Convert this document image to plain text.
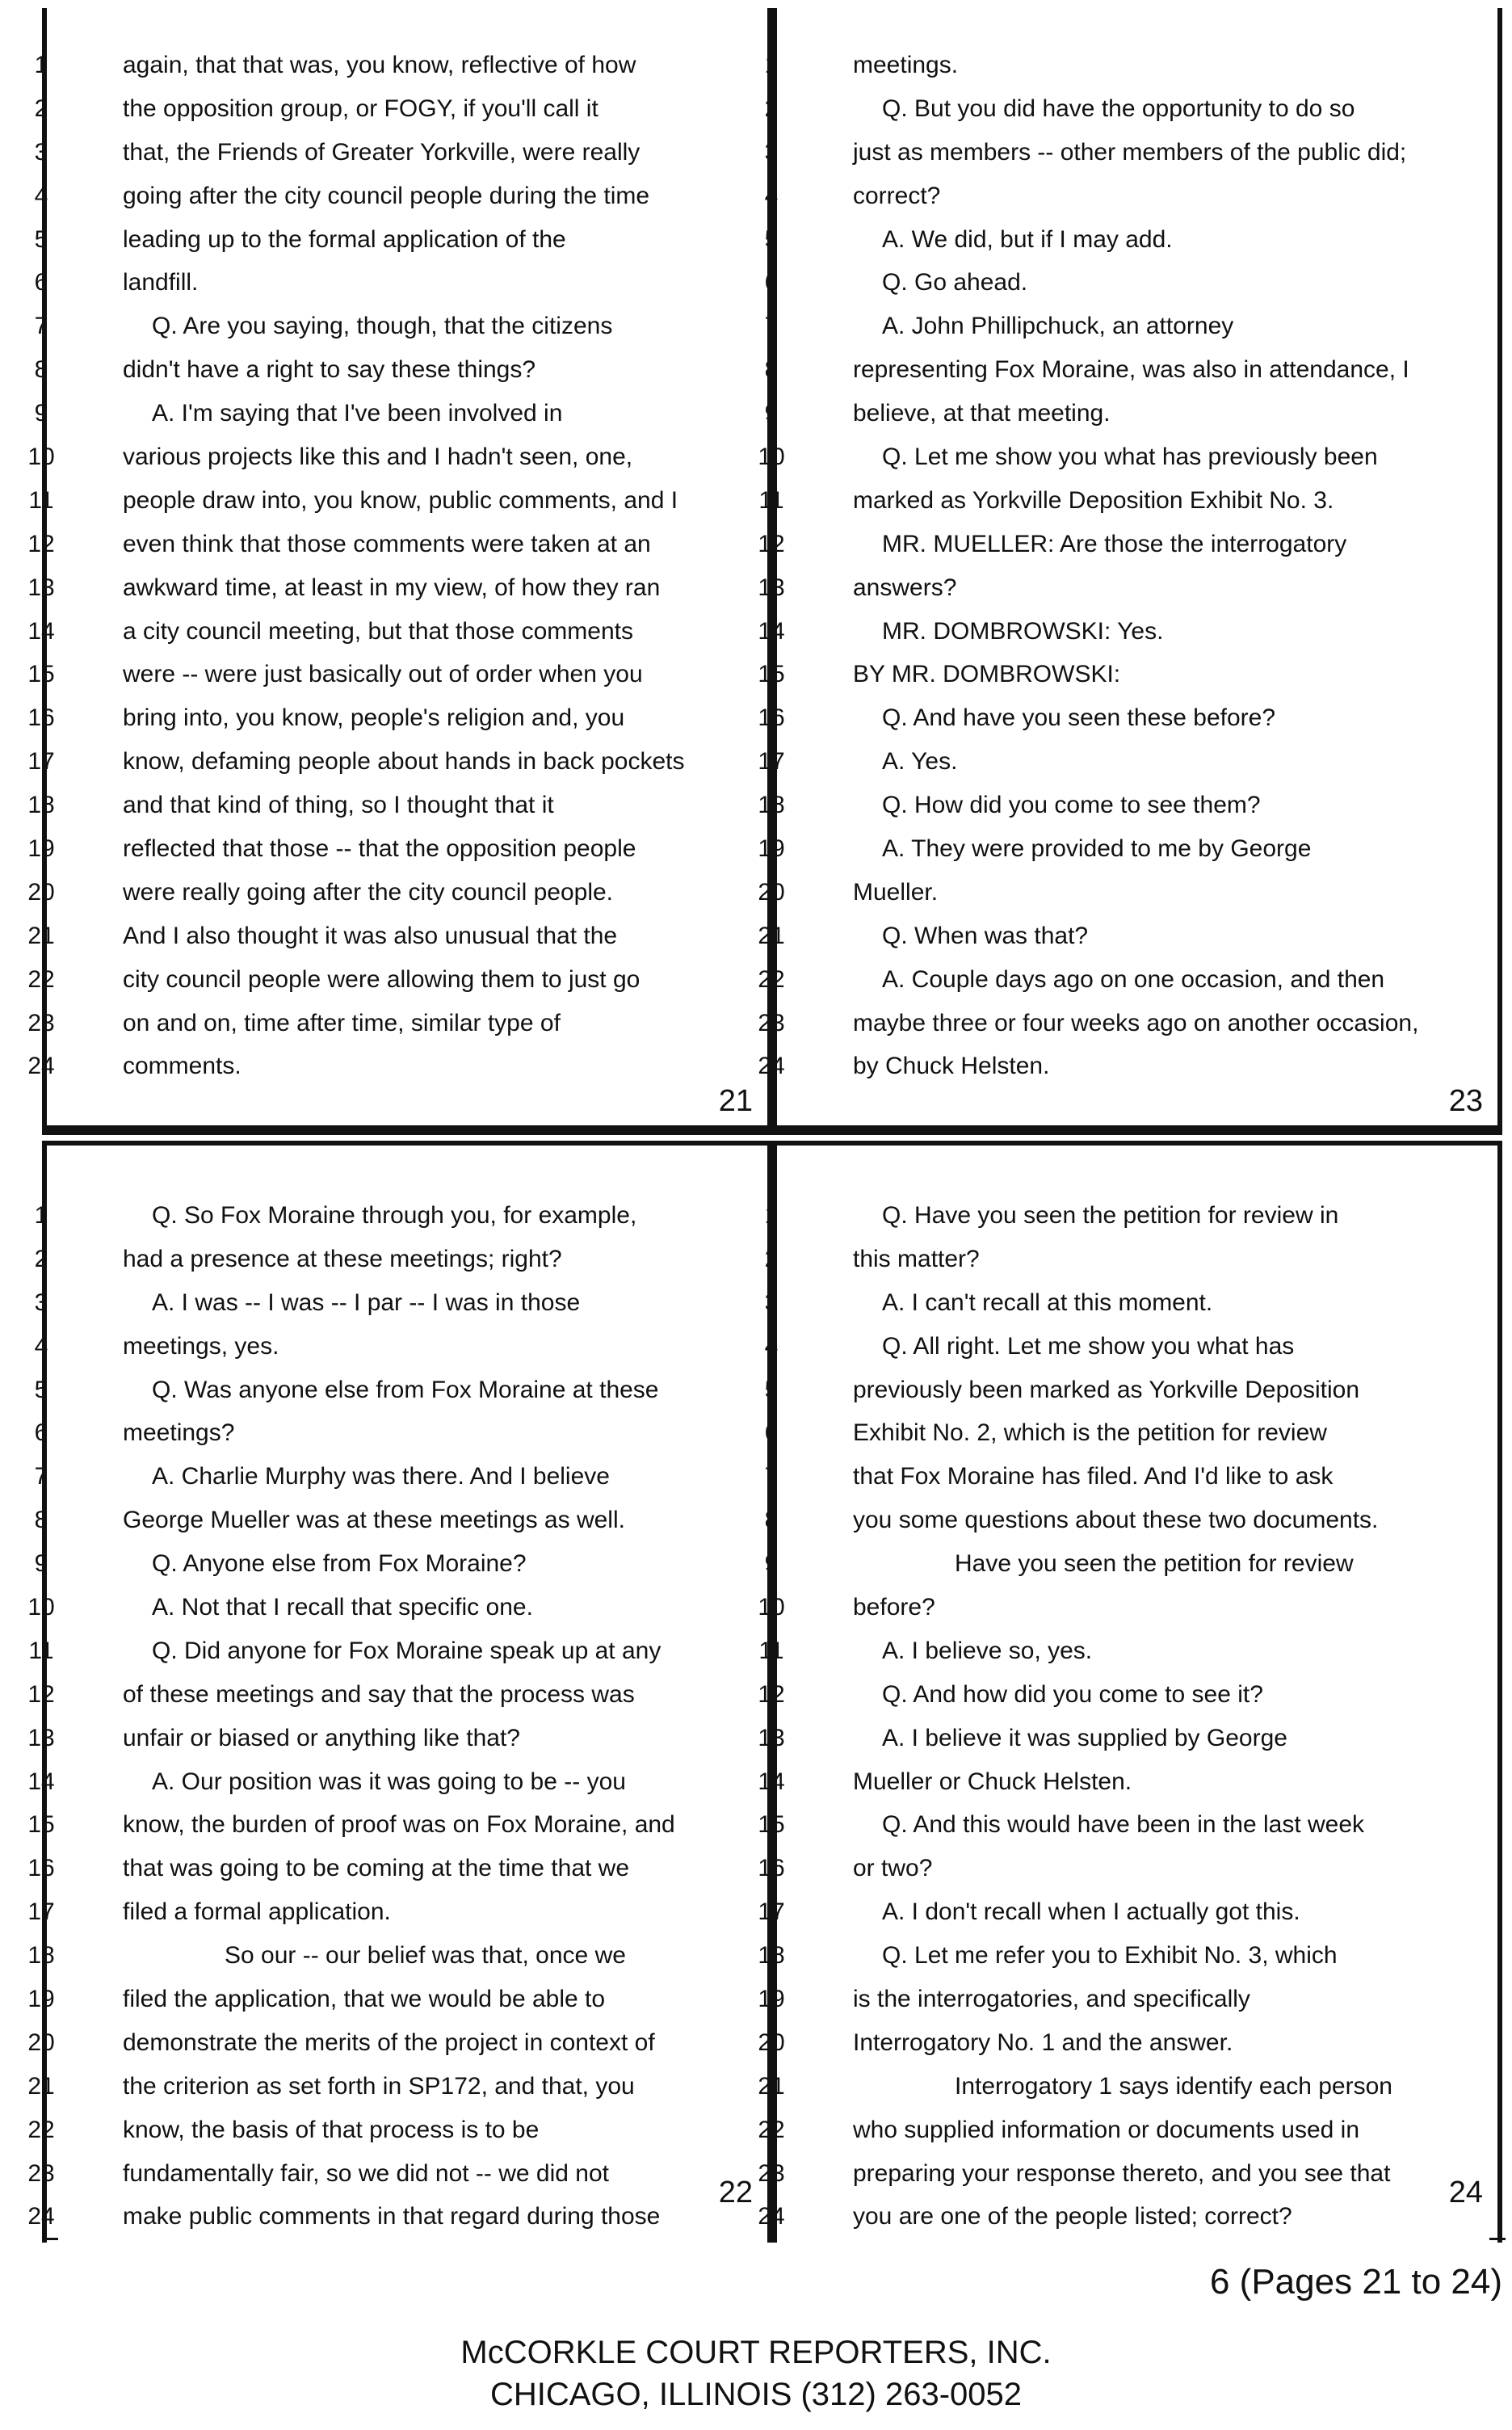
1	again, that that was, you know, reflective of how
2	the opposition group, or FOGY, if you'll call it
3	that, the Friends of Greater Yorkville, were really
4	going after the city council people during the time
5	leading up to the formal application of the
6	landfill.
7	Q. Are you saying, though, that the citizens
8	didn't have a right to say these things?
9	A. I'm saying that I've been involved in
10	various projects like this and I hadn't seen, one,
11	people draw into, you know, public comments, and I
12	even think that those comments were taken at an
13	awkward time, at least in my view, of how they ran
14	a city council meeting, but that those comments
15	were -- were just basically out of order when you
16	bring into, you know, people's religion and, you
17	know, defaming people about hands in back pockets
18	and that kind of thing, so I thought that it
19	reflected that those -- that the opposition people
20	were really going after the city council people.
21	And I also thought it was also unusual that the
22	city council people were allowing them to just go
23	on and on, time after time, similar type of
24	comments.
21
1	meetings.
2	Q. But you did have the opportunity to do so
3	just as members -- other members of the public did;
4	correct?
5	A. We did, but if I may add.
6	Q. Go ahead.
7	A. John Phillipchuck, an attorney
8	representing Fox Moraine, was also in attendance, I
9	believe, at that meeting.
10	Q. Let me show you what has previously been
11	marked as Yorkville Deposition Exhibit No. 3.
12	MR. MUELLER: Are those the interrogatory
13	answers?
14	MR. DOMBROWSKI: Yes.
15	BY MR. DOMBROWSKI:
16	Q. And have you seen these before?
17	A. Yes.
18	Q. How did you come to see them?
19	A. They were provided to me by George
20	Mueller.
21	Q. When was that?
22	A. Couple days ago on one occasion, and then
23	maybe three or four weeks ago on another occasion,
24	by Chuck Helsten.
23
1	Q. So Fox Moraine through you, for example,
2	had a presence at these meetings; right?
3	A. I was -- I was -- I par -- I was in those
4	meetings, yes.
5	Q. Was anyone else from Fox Moraine at these
6	meetings?
7	A. Charlie Murphy was there. And I believe
8	George Mueller was at these meetings as well.
9	Q. Anyone else from Fox Moraine?
10	A. Not that I recall that specific one.
11	Q. Did anyone for Fox Moraine speak up at any
12	of these meetings and say that the process was
13	unfair or biased or anything like that?
14	A. Our position was it was going to be -- you
15	know, the burden of proof was on Fox Moraine, and
16	that was going to be coming at the time that we
17	filed a formal application.
18	So our -- our belief was that, once we
19	filed the application, that we would be able to
20	demonstrate the merits of the project in context of
21	the criterion as set forth in SP172, and that, you
22	know, the basis of that process is to be
23	fundamentally fair, so we did not -- we did not
24	make public comments in that regard during those
22
1	Q. Have you seen the petition for review in
2	this matter?
3	A. I can't recall at this moment.
4	Q. All right. Let me show you what has
5	previously been marked as Yorkville Deposition
6	Exhibit No. 2, which is the petition for review
7	that Fox Moraine has filed. And I'd like to ask
8	you some questions about these two documents.
9	Have you seen the petition for review
10	before?
11	A. I believe so, yes.
12	Q. And how did you come to see it?
13	A. I believe it was supplied by George
14	Mueller or Chuck Helsten.
15	Q. And this would have been in the last week
16	or two?
17	A. I don't recall when I actually got this.
18	Q. Let me refer you to Exhibit No. 3, which
19	is the interrogatories, and specifically
20	Interrogatory No. 1 and the answer.
21	Interrogatory 1 says identify each person
22	who supplied information or documents used in
23	preparing your response thereto, and you see that
24	you are one of the people listed; correct?
24
6 (Pages 21 to 24)
McCORKLE COURT REPORTERS, INC.
CHICAGO, ILLINOIS (312) 263-0052
